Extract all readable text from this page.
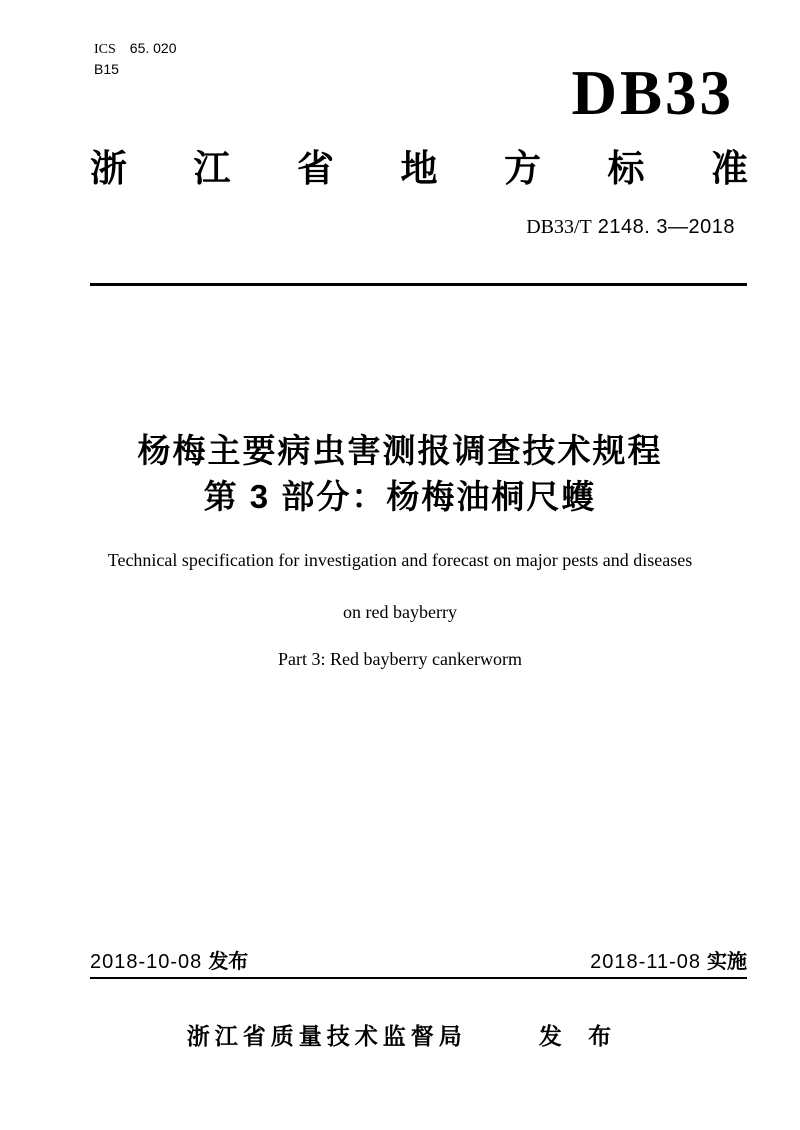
ICS 65. 020
B15	DB33
浙 江 省 地 方 标 准
DB33/T 2148. 3—2018
杨梅主要病虫害测报调查技术规程
第 3 部分：杨梅油桐尺蠖
Technical specification for investigation and forecast on major pests and diseases
on red bayberry
Part 3: Red bayberry cankerworm
2018-10-08 发布	2018-11-08 实施
浙江省质量技术监督局	发 布
